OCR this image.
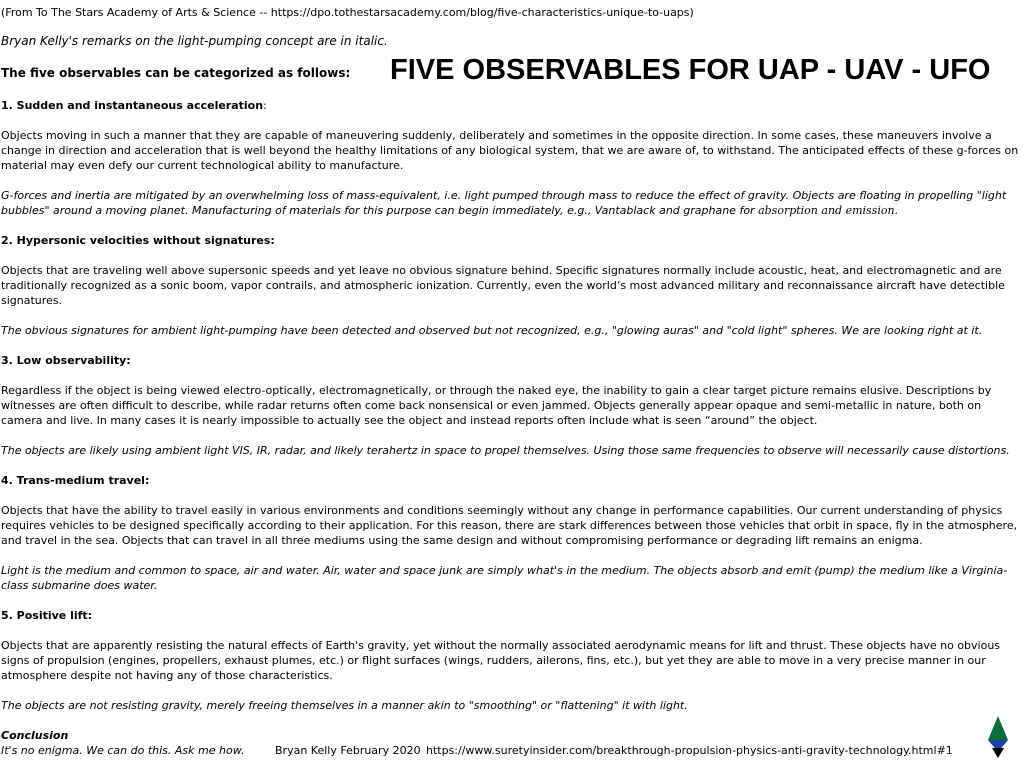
(From To The Stars Academy of Arts & Science -- https://dpo.tothestarsacademy.com/blog/five-characteristics-unique-to-uaps)
Bryan Kelly's remarks on the light-pumping concept are in italic.
The five observables can be categorized as follows: FIVE OBSERVABLES FOR UAP - UAV - UFO
1. Sudden and instantaneous acceleration:
Objects moving in such a manner that they are capable of maneuvering suddenly, deliberately and sometimes in the opposite direction. In some cases, these maneuvers involve a change in direction and acceleration that is well beyond the healthy limitations of any biological system, that we are aware of, to withstand. The anticipated effects of these g-forces on material may even defy our current technological ability to manufacture.
G-forces and inertia are mitigated by an overwhelming loss of mass-equivalent, i.e. light pumped through mass to reduce the effect of gravity. Objects are floating in propelling "light bubbles" around a moving planet. Manufacturing of materials for this purpose can begin immediately, e.g., Vantablack and graphane for absorption and emission.
2. Hypersonic velocities without signatures:
Objects that are traveling well above supersonic speeds and yet leave no obvious signature behind. Specific signatures normally include acoustic, heat, and electromagnetic and are traditionally recognized as a sonic boom, vapor contrails, and atmospheric ionization. Currently, even the world’s most advanced military and reconnaissance aircraft have detectible signatures.
The obvious signatures for ambient light-pumping have been detected and observed but not recognized, e.g., "glowing auras" and "cold light" spheres. We are looking right at it.
3. Low observability:
Regardless if the object is being viewed electro-optically, electromagnetically, or through the naked eye, the inability to gain a clear target picture remains elusive. Descriptions by witnesses are often difficult to describe, while radar returns often come back nonsensical or even jammed. Objects generally appear opaque and semi-metallic in nature, both on camera and live. In many cases it is nearly impossible to actually see the object and instead reports often include what is seen “around” the object.
The objects are likely using ambient light VIS, IR, radar, and likely terahertz in space to propel themselves. Using those same frequencies to observe will necessarily cause distortions.
4. Trans-medium travel:
Objects that have the ability to travel easily in various environments and conditions seemingly without any change in performance capabilities. Our current understanding of physics requires vehicles to be designed specifically according to their application. For this reason, there are stark differences between those vehicles that orbit in space, fly in the atmosphere, and travel in the sea. Objects that can travel in all three mediums using the same design and without compromising performance or degrading lift remains an enigma.
Light is the medium and common to space, air and water. Air, water and space junk are simply what's in the medium. The objects absorb and emit (pump) the medium like a Virginia-class submarine does water.
5. Positive lift:
Objects that are apparently resisting the natural effects of Earth's gravity, yet without the normally associated aerodynamic means for lift and thrust. These objects have no obvious signs of propulsion (engines, propellers, exhaust plumes, etc.) or flight surfaces (wings, rudders, ailerons, fins, etc.), but yet they are able to move in a very precise manner in our atmosphere despite not having any of those characteristics.
The objects are not resisting gravity, merely freeing themselves in a manner akin to "smoothing" or "flattening" it with light.
Conclusion
It's no enigma. We can do this. Ask me how.	Bryan Kelly February 2020 https://www.suretyinsider.com/breakthrough-propulsion-physics-anti-gravity-technology.html#1
